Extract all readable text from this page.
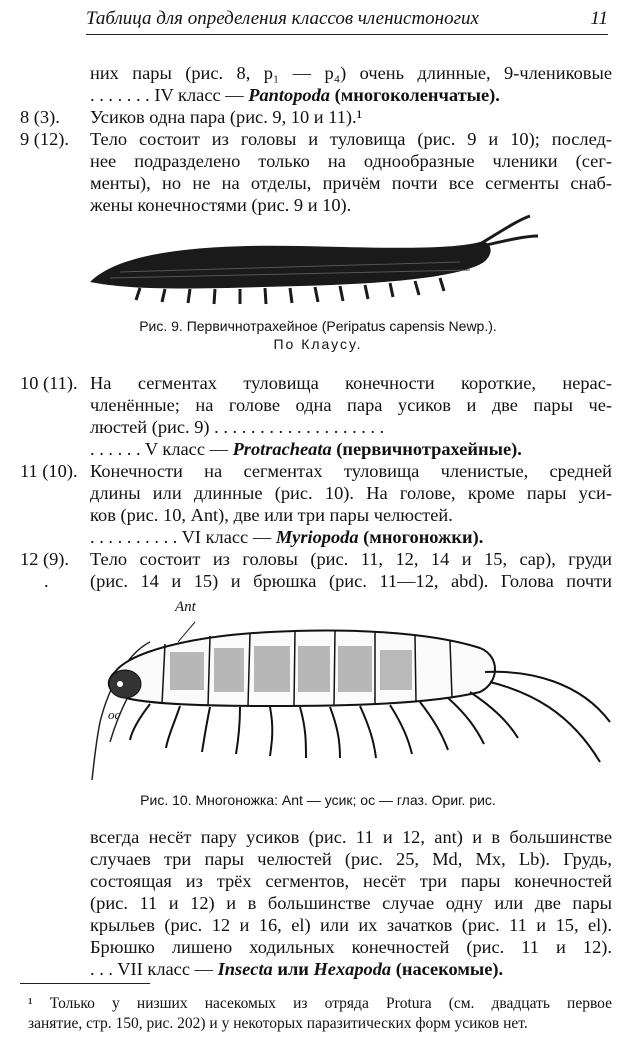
Таблица для определения классов членистоногих	11
них пары (рис. 8, p₁ — p₄) очень длинные, 9-члениковые
. . . . . . . IV класс — Pantopoda (многоколенчатые).
8 (3). Усиков одна пара (рис. 9, 10 и 11).¹
9 (12). Тело состоит из головы и туловища (рис. 9 и 10); послед-
нее подразделено только на однообразные членики (сег-
менты), но не на отделы, причём почти все сегменты снаб-
жены конечностями (рис. 9 и 10).
Рис. 9. Первичнотрахейное (Peripatus capensis Newp.).
По Клаусу.
10 (11). На сегментах туловища конечности короткие, нерас-
членённые; на голове одна пара усиков и две пары че-
люстей (рис. 9) . . . . . . . . . . . . . . . . . . .
. . . . . . V класс — Protracheata (первичнотрахейные).
11 (10). Конечности на сегментах туловища членистые, средней
длины или длинные (рис. 10). На голове, кроме пары уси-
ков (рис. 10, Ant), две или три пары челюстей.
. . . . . . . . . . VI класс — Myriopoda (многоножки).
12 (9). Тело состоит из головы (рис. 11, 12, 14 и 15, cap), груди
. (рис. 14 и 15) и брюшка (рис. 11—12, abd). Голова почти
Ant
oc
Рис. 10. Многоножка: Ant — усик; oc — глаз. Ориг. рис.
всегда несёт пару усиков (рис. 11 и 12, ant) и в большинстве
случаев три пары челюстей (рис. 25, Md, Mx, Lb). Грудь,
состоящая из трёх сегментов, несёт три пары конечностей
(рис. 11 и 12) и в большинстве случае одну или две пары
крыльев (рис. 12 и 16, el) или их зачатков (рис. 11 и 15, el).
Брюшко лишено ходильных конечностей (рис. 11 и 12).
. . . VII класс — Insecta или Hexapoda (насекомые).
¹ Только у низших насекомых из отряда Protura (см. двадцать первое
занятие, стр. 150, рис. 202) и у некоторых паразитических форм усиков нет.
